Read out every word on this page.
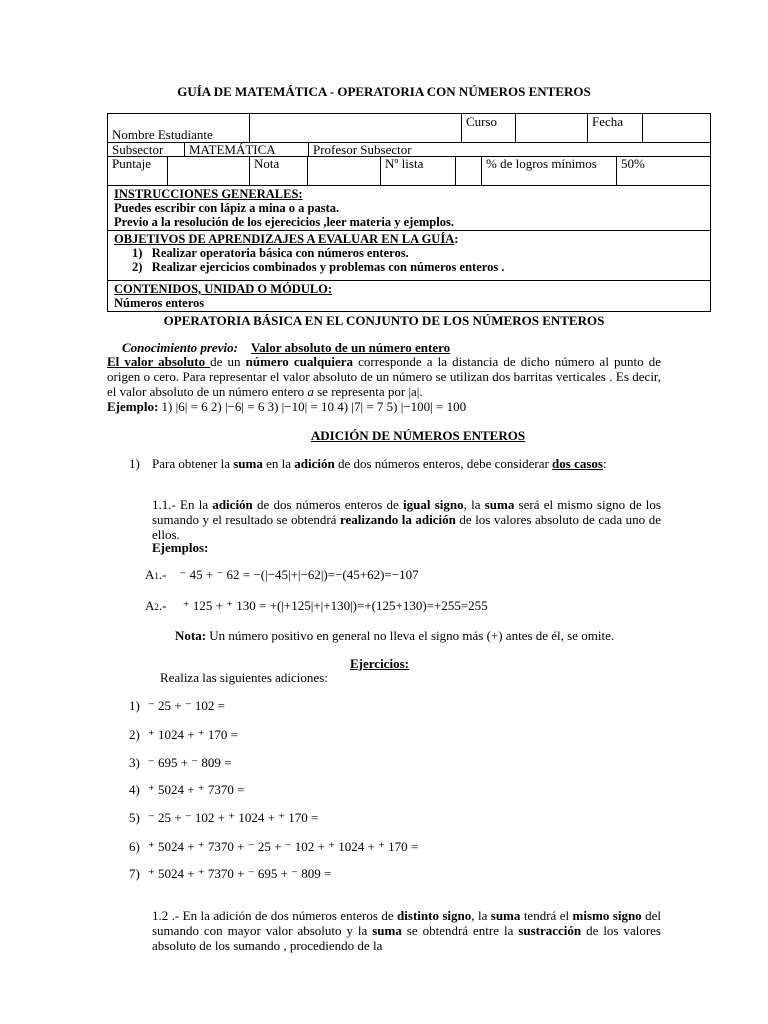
GUÍA DE MATEMÁTICA - OPERATORIA CON NÚMEROS ENTEROS
Nombre Estudiante
Curso	Fecha
Subsector	MATEMÁTICA	Profesor Subsector
Puntaje	Nota	Nº lista	% de logros mínimos	50%
INSTRUCCIONES GENERALES:
Puedes escribir con lápiz a mina o a pasta.
Previo a la resolución de los ejerecicios ,leer materia y ejemplos.
OBJETIVOS DE APRENDIZAJES A EVALUAR EN LA GUÍA:
1)   Realizar operatoria básica con números enteros.
2)   Realizar ejercicios combinados y problemas con números enteros .
CONTENIDOS, UNIDAD O MÓDULO:
Números enteros
OPERATORIA BÁSICA EN EL CONJUNTO DE LOS NÚMEROS ENTEROS
Conocimiento previo: Valor absoluto de un número entero
El valor absoluto de un número cualquiera corresponde a la distancia de dicho número al punto de origen o cero. Para representar el valor absoluto de un número se utilizan dos barritas verticales . Es decir, el valor absoluto de un número entero a se representa por |a|.
Ejemplo: 1) |6| = 6 2) |−6| = 6 3) |−10| = 10 4) |7| = 7 5) |−100| = 100
ADICIÓN DE NÚMEROS ENTEROS
1) Para obtener la suma en la adición de dos números enteros, debe considerar dos casos:
1.1.- En la adición de dos números enteros de igual signo, la suma será el mismo signo de los sumando y el resultado se obtendrá realizando la adición de los valores absoluto de cada uno de ellos.
Ejemplos:
A1.- ⁻ 45 + ⁻ 62 = −(|−45|+|−62|)=−(45+62)=−107
A2.- ⁺ 125 + ⁺ 130 = +(|+125|+|+130|)=+(125+130)=+255=255
Nota: Un número positivo en general no lleva el signo más (+) antes de él, se omite.
Ejercicios:
Realiza las siguientes adiciones:
1) ⁻ 25 + ⁻ 102 =
2) ⁺ 1024 + ⁺ 170 =
3) ⁻ 695 + ⁻ 809 =
4) ⁺ 5024 + ⁺ 7370 =
5) ⁻ 25 + ⁻ 102 + ⁺ 1024 + ⁺ 170 =
6) ⁺ 5024 + ⁺ 7370 + ⁻ 25 + ⁻ 102 + ⁺ 1024 + ⁺ 170 =
7) ⁺ 5024 + ⁺ 7370 + ⁻ 695 + ⁻ 809 =
1.2 .- En la adición de dos números enteros de distinto signo, la suma tendrá el mismo signo del sumando con mayor valor absoluto y la suma se obtendrá entre la sustracción de los valores absoluto de los sumando , procediendo de la
